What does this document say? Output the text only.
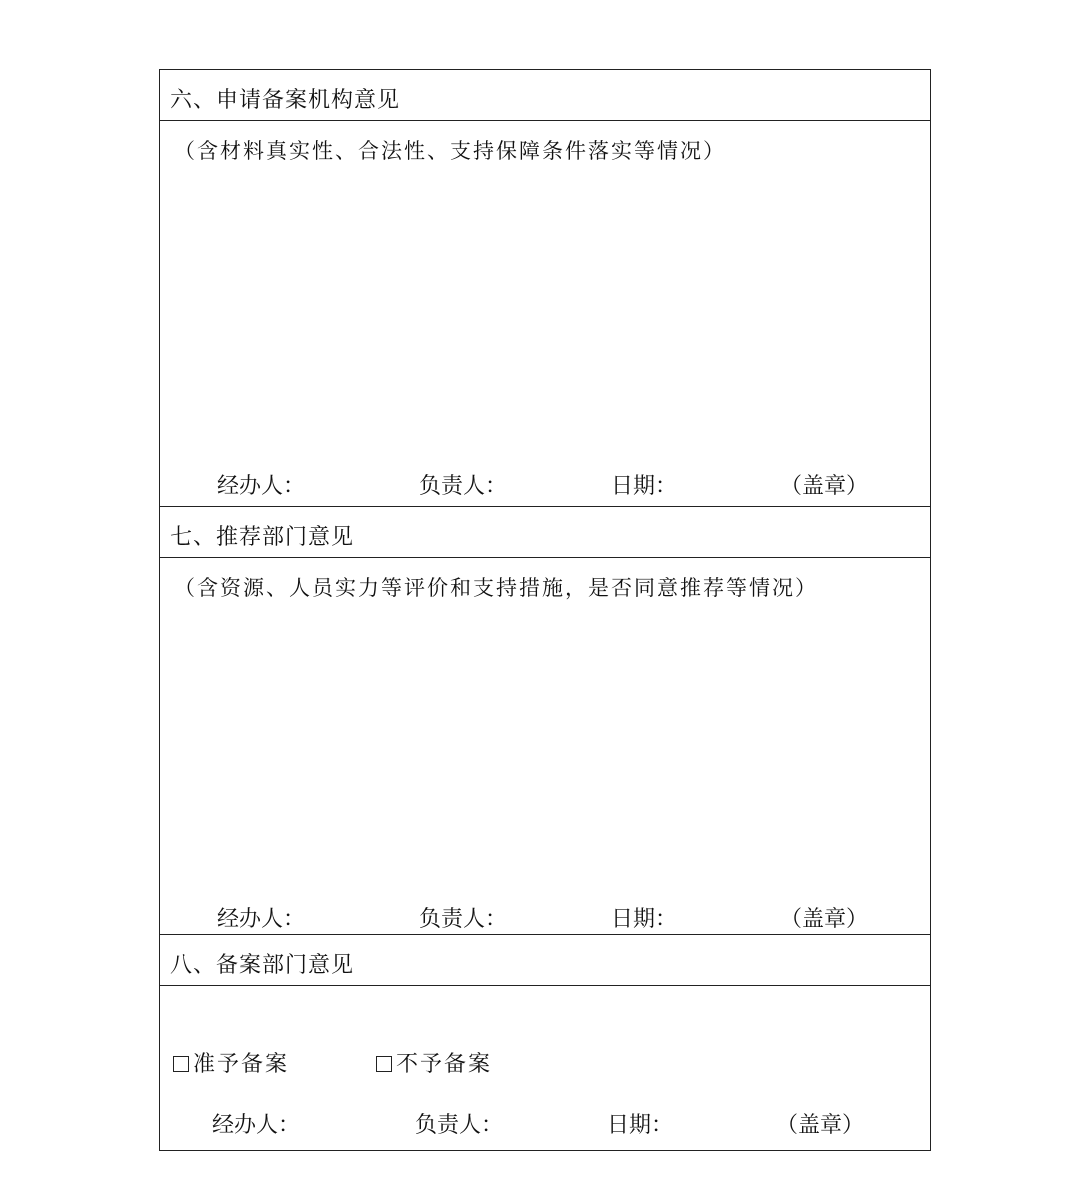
六、申请备案机构意见
（含材料真实性、合法性、支持保障条件落实等情况）
经办人：	负责人：	日期：	（盖章）
七、推荐部门意见
（含资源、人员实力等评价和支持措施，是否同意推荐等情况）
经办人：	负责人：	日期：	（盖章）
八、备案部门意见
准予备案	不予备案
经办人：	负责人：	日期：	（盖章）
